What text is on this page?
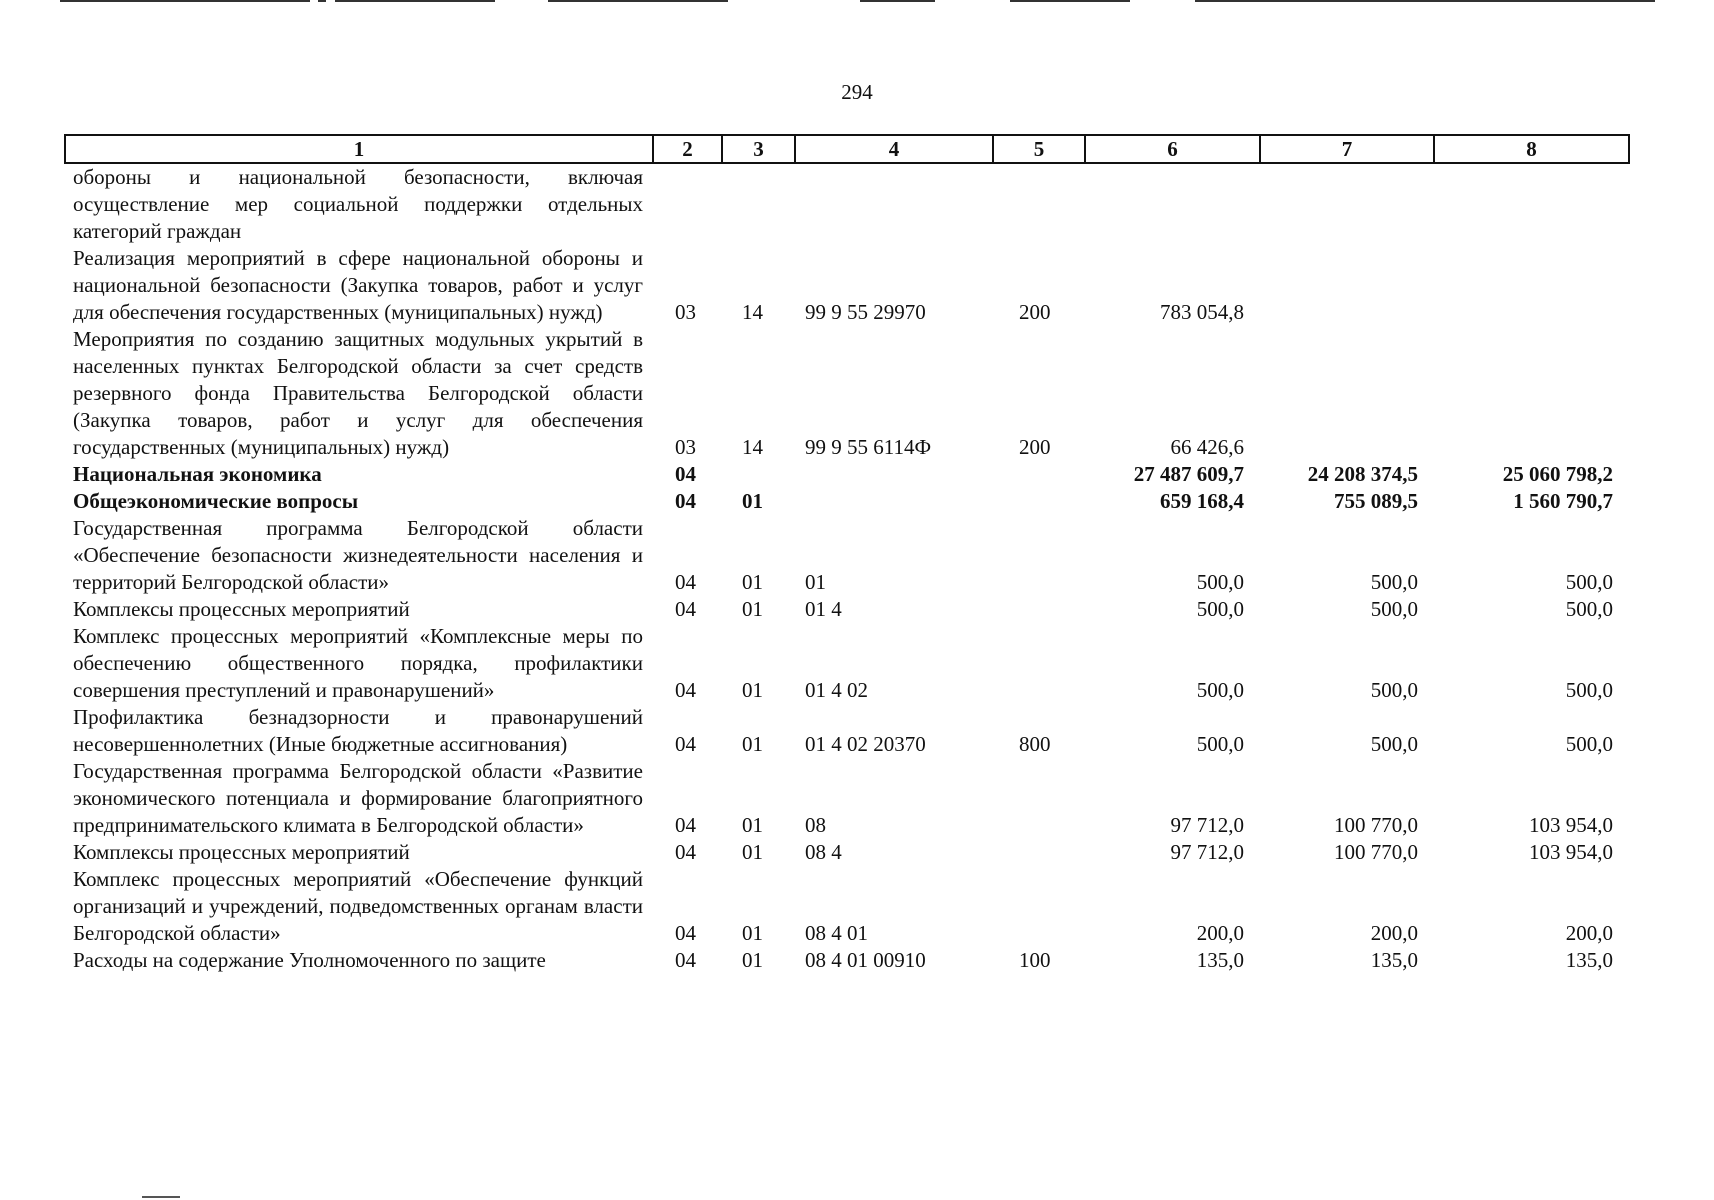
294
1	2	3	4	5	6	7	8
обороны и национальной безопасности, включая осуществление мер социальной поддержки отдельных категорий граждан							
Реализация мероприятий в сфере национальной обороны и национальной безопасности (Закупка товаров, работ и услуг для обеспечения государственных (муниципальных) нужд)	03	14	99 9 55 29970	200	783 054,8		
Мероприятия по созданию защитных модульных укрытий в населенных пунктах Белгородской области за счет средств резервного фонда Правительства Белгородской области (Закупка товаров, работ и услуг для обеспечения государственных (муниципальных) нужд)	03	14	99 9 55 6114Ф	200	66 426,6		
Национальная экономика	04				27 487 609,7	24 208 374,5	25 060 798,2
Общеэкономические вопросы	04	01			659 168,4	755 089,5	1 560 790,7
Государственная программа Белгородской области «Обеспечение безопасности жизнедеятельности населения и территорий Белгородской области»	04	01	01		500,0	500,0	500,0
Комплексы процессных мероприятий	04	01	01 4		500,0	500,0	500,0
Комплекс процессных мероприятий «Комплексные меры по обеспечению общественного порядка, профилактики совершения преступлений и правонарушений»	04	01	01 4 02		500,0	500,0	500,0
Профилактика безнадзорности и правонарушений несовершеннолетних (Иные бюджетные ассигнования)	04	01	01 4 02 20370	800	500,0	500,0	500,0
Государственная программа Белгородской области «Развитие экономического потенциала и формирование благоприятного предпринимательского климата в Белгородской области»	04	01	08		97 712,0	100 770,0	103 954,0
Комплексы процессных мероприятий	04	01	08 4		97 712,0	100 770,0	103 954,0
Комплекс процессных мероприятий «Обеспечение функций организаций и учреждений, подведомственных органам власти Белгородской области»	04	01	08 4 01		200,0	200,0	200,0
Расходы на содержание Уполномоченного по защите	04	01	08 4 01 00910	100	135,0	135,0	135,0
